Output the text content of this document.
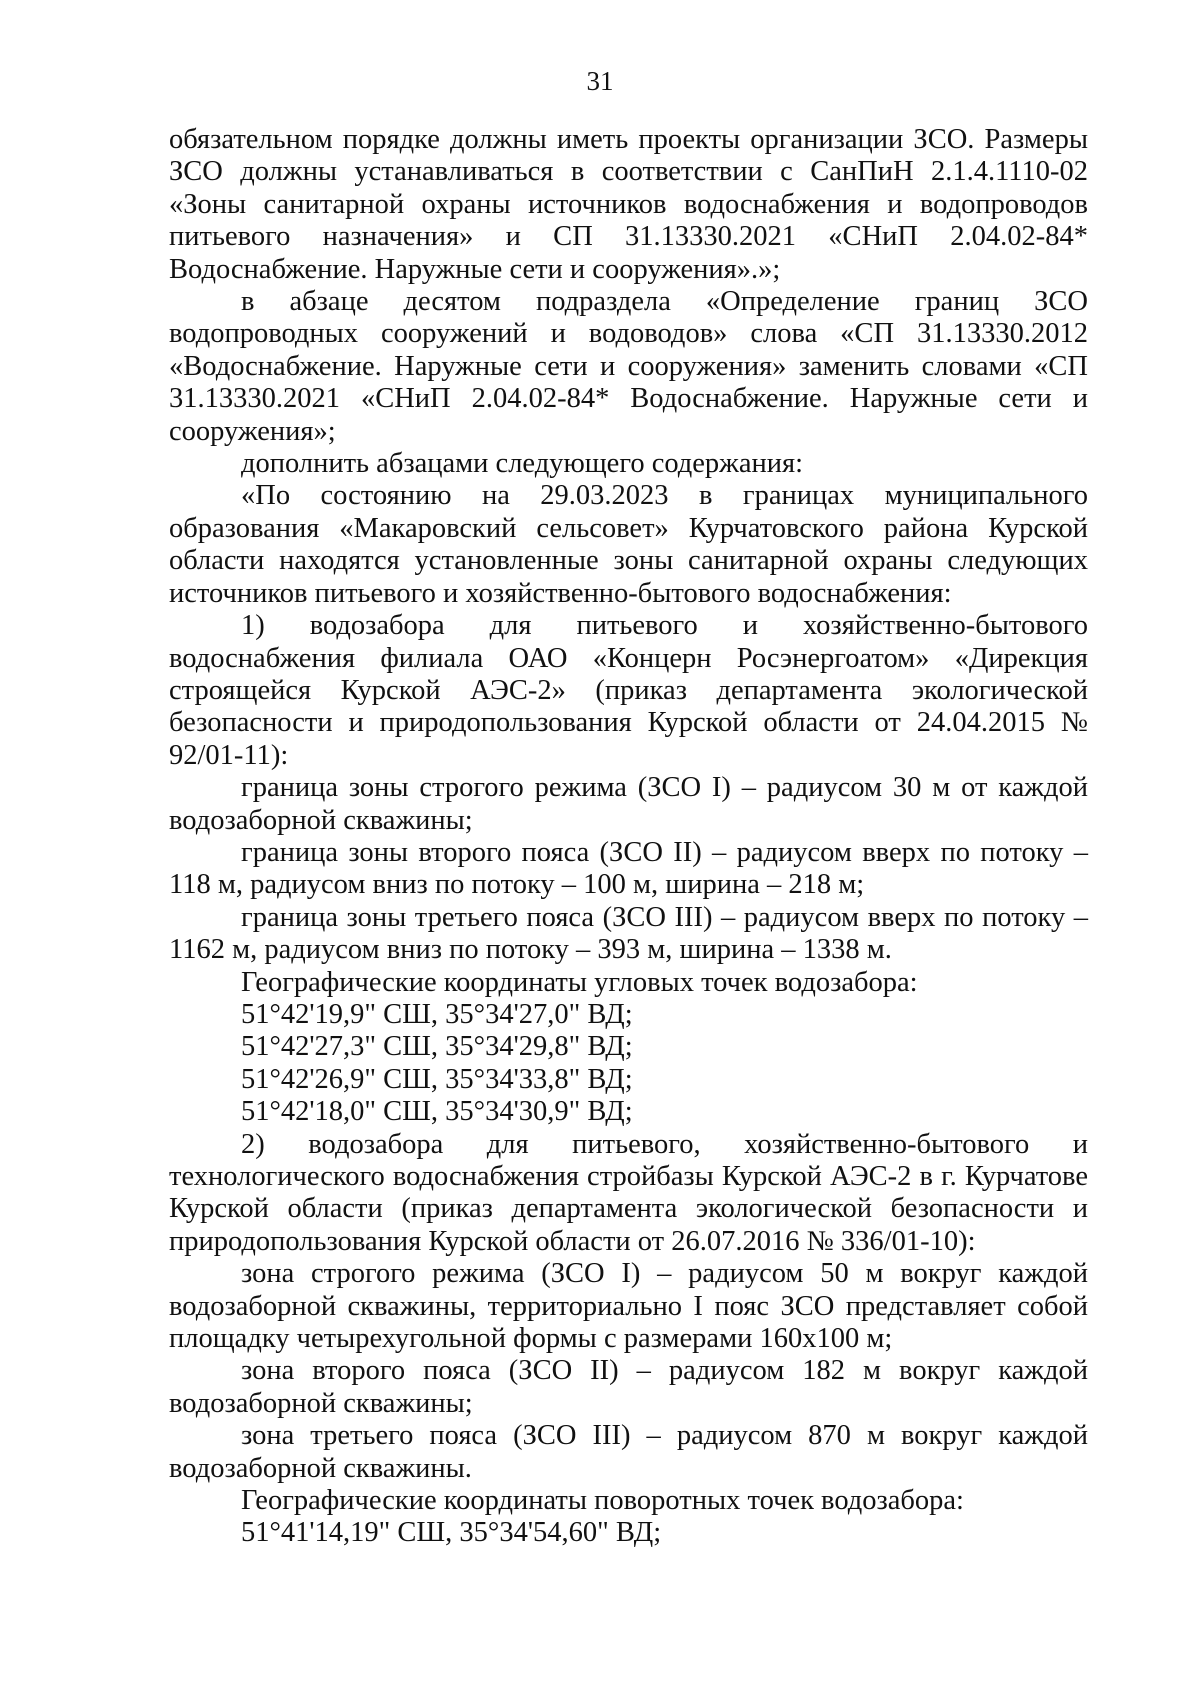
31

обязательном порядке должны иметь проекты организации ЗСО. Размеры ЗСО должны устанавливаться в соответствии с СанПиН 2.1.4.1110-02 «Зоны санитарной охраны источников водоснабжения и водопроводов питьевого назначения» и СП 31.13330.2021 «СНиП 2.04.02-84* Водоснабжение. Наружные сети и сооружения».»;

в абзаце десятом подраздела «Определение границ ЗСО водопроводных сооружений и водоводов» слова «СП 31.13330.2012 «Водоснабжение. Наружные сети и сооружения» заменить словами «СП 31.13330.2021 «СНиП 2.04.02-84* Водоснабжение. Наружные сети и сооружения»;

дополнить абзацами следующего содержания:

«По состоянию на 29.03.2023 в границах муниципального образования «Макаровский сельсовет» Курчатовского района Курской области находятся установленные зоны санитарной охраны следующих источников питьевого и хозяйственно-бытового водоснабжения:

1) водозабора для питьевого и хозяйственно-бытового водоснабжения филиала ОАО «Концерн Росэнергоатом» «Дирекция строящейся Курской АЭС-2» (приказ департамента экологической безопасности и природопользования Курской области от 24.04.2015 № 92/01-11):

граница зоны строгого режима (ЗСО I) – радиусом 30 м от каждой водозаборной скважины;

граница зоны второго пояса (ЗСО II) – радиусом вверх по потоку – 118 м, радиусом вниз по потоку – 100 м, ширина – 218 м;

граница зоны третьего пояса (ЗСО III) – радиусом вверх по потоку – 1162 м, радиусом вниз по потоку – 393 м, ширина – 1338 м.

Географические координаты угловых точек водозабора:

51°42'19,9" СШ, 35°34'27,0" ВД;

51°42'27,3" СШ, 35°34'29,8" ВД;

51°42'26,9" СШ, 35°34'33,8" ВД;

51°42'18,0" СШ, 35°34'30,9" ВД;

2) водозабора для питьевого, хозяйственно-бытового и технологического водоснабжения стройбазы Курской АЭС-2 в г. Курчатове Курской области (приказ департамента экологической безопасности и природопользования Курской области от 26.07.2016 № 336/01-10):

зона строгого режима (ЗСО I) – радиусом 50 м вокруг каждой водозаборной скважины, территориально I пояс ЗСО представляет собой площадку четырехугольной формы с размерами 160х100 м;

зона второго пояса (ЗСО II) – радиусом 182 м вокруг каждой водозаборной скважины;

зона третьего пояса (ЗСО III) – радиусом 870 м вокруг каждой водозаборной скважины.

Географические координаты поворотных точек водозабора:

51°41'14,19" СШ, 35°34'54,60" ВД;
